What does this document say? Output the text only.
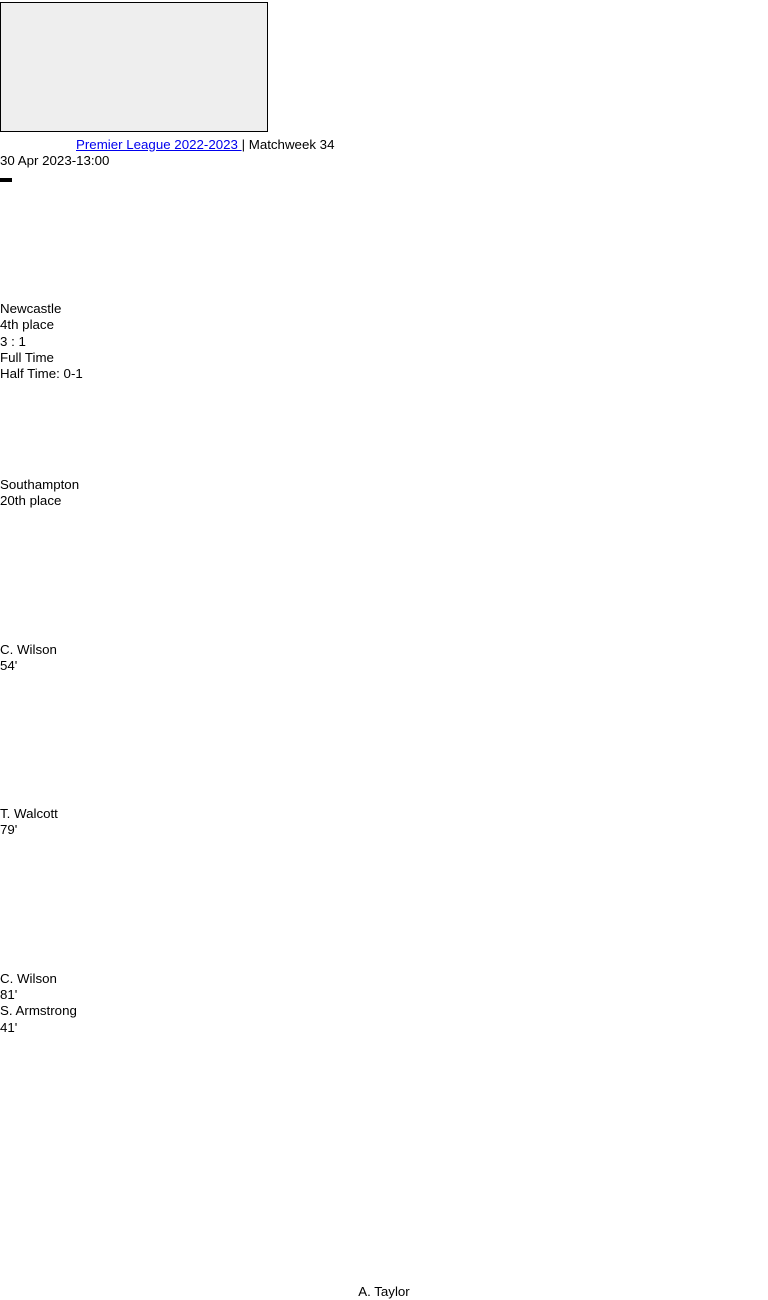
Premier League 2022-2023 | Matchweek 34
30 Apr 2023-13:00
Newcastle
4th place
3 : 1
Full Time
Half Time: 0-1
Southampton
20th place
C. Wilson
54'
T. Walcott
79'
C. Wilson
81'
S. Armstrong
41'
A. Taylor
